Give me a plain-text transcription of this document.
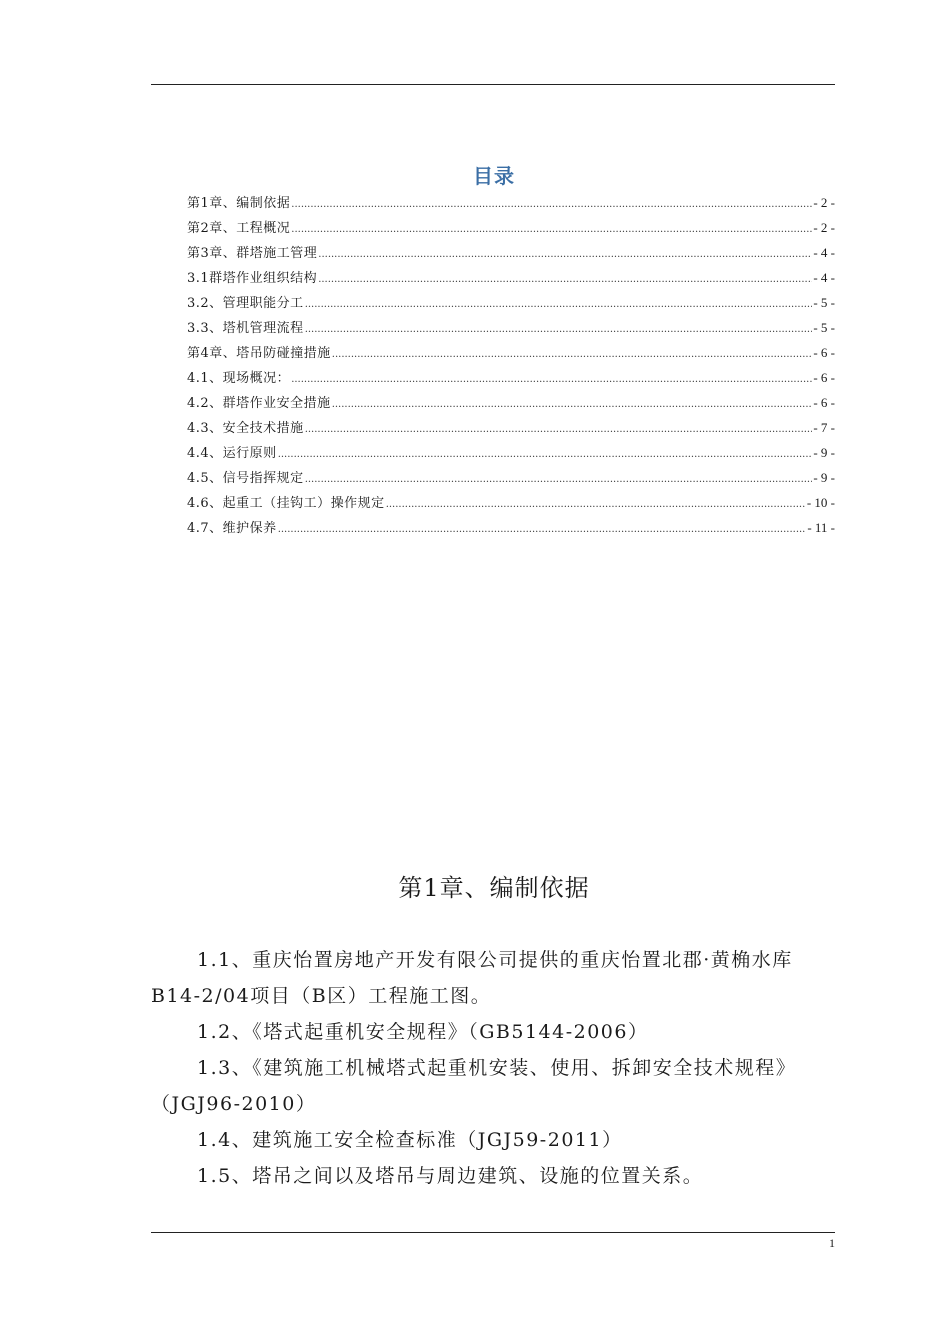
目录
第1章、编制依据 .....	- 2 -
第2章、工程概况 .....	- 2 -
第3章、群塔施工管理 .....	- 4 -
3.1群塔作业组织结构 .....	- 4 -
3.2、管理职能分工 .....	- 5 -
3.3、塔机管理流程 .....	- 5 -
第4章、塔吊防碰撞措施 .....	- 6 -
4.1、现场概况： .....	- 6 -
4.2、群塔作业安全措施 .....	- 6 -
4.3、安全技术措施 .....	- 7 -
4.4、运行原则 .....	- 9 -
4.5、信号指挥规定 .....	- 9 -
4.6、起重工（挂钩工）操作规定 .....	- 10 -
4.7、维护保养 .....	- 11 -
第1章、编制依据

1.1、重庆怡置房地产开发有限公司提供的重庆怡置北郡·黄桷水库B14-2/04项目（B区）工程施工图。

1.2、《塔式起重机安全规程》（GB5144-2006）

1.3、《建筑施工机械塔式起重机安装、使用、拆卸安全技术规程》（JGJ96-2010）

1.4、建筑施工安全检查标准（JGJ59-2011）

1.5、塔吊之间以及塔吊与周边建筑、设施的位置关系。

1
